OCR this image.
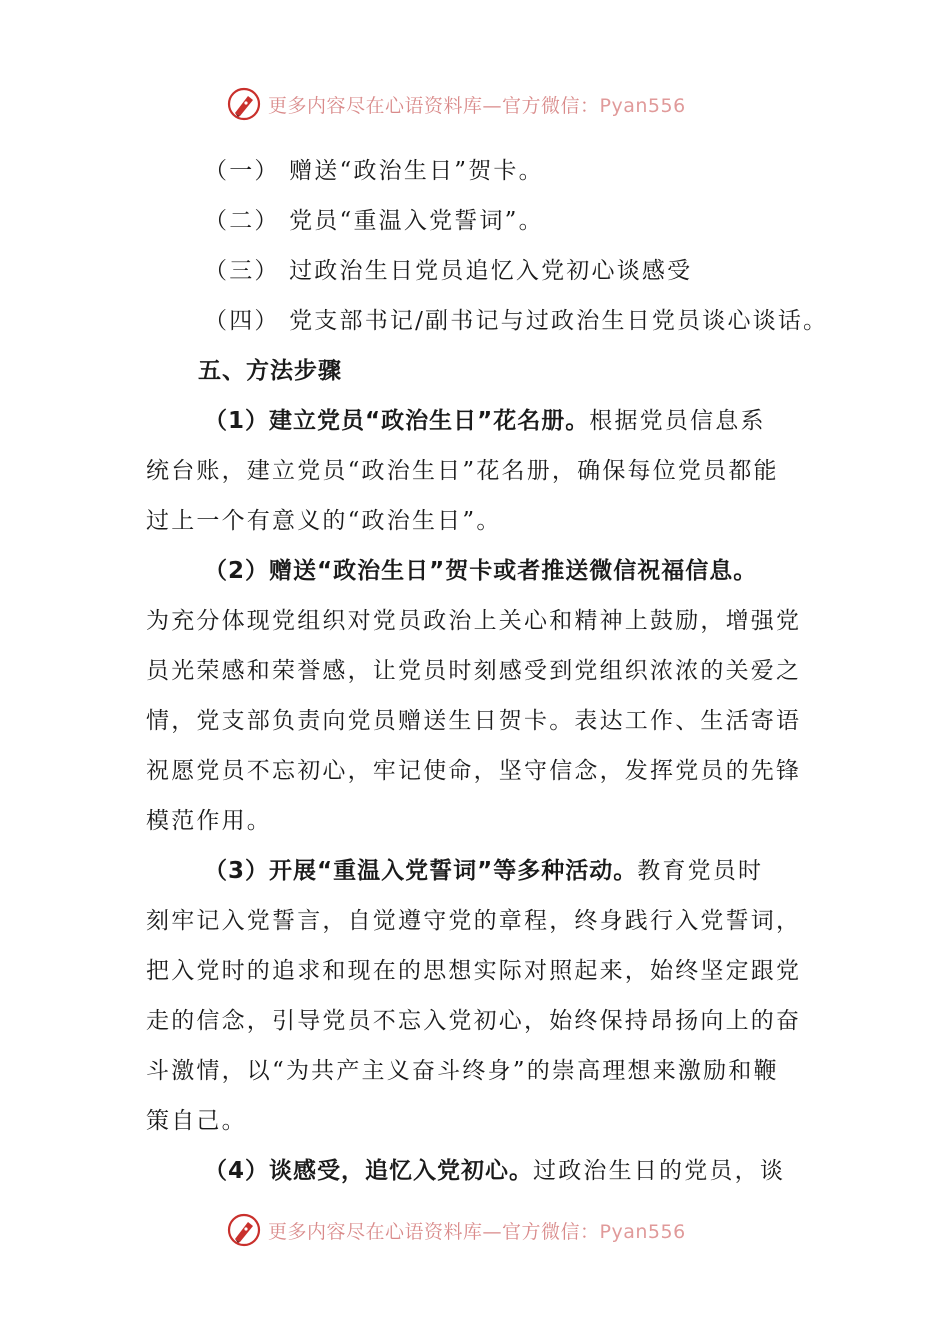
更多内容尽在心语资料库—官方微信：Pyan556
（一） 赠送“政治生日”贺卡。
（二） 党员“重温入党誓词”。
（三） 过政治生日党员追忆入党初心谈感受
（四） 党支部书记/副书记与过政治生日党员谈心谈话。
五、方法步骤
（1）建立党员“政治生日”花名册。根据党员信息系
统台账，建立党员“政治生日”花名册，确保每位党员都能
过上一个有意义的“政治生日”。
（2）赠送“政治生日”贺卡或者推送微信祝福信息。
为充分体现党组织对党员政治上关心和精神上鼓励，增强党
员光荣感和荣誉感，让党员时刻感受到党组织浓浓的关爱之
情，党支部负责向党员赠送生日贺卡。表达工作、生活寄语
祝愿党员不忘初心，牢记使命，坚守信念，发挥党员的先锋
模范作用。
（3）开展“重温入党誓词”等多种活动。教育党员时
刻牢记入党誓言，自觉遵守党的章程，终身践行入党誓词，
把入党时的追求和现在的思想实际对照起来，始终坚定跟党
走的信念，引导党员不忘入党初心，始终保持昂扬向上的奋
斗激情，以“为共产主义奋斗终身”的崇高理想来激励和鞭
策自己。
（4）谈感受，追忆入党初心。过政治生日的党员，谈
更多内容尽在心语资料库—官方微信：Pyan556
